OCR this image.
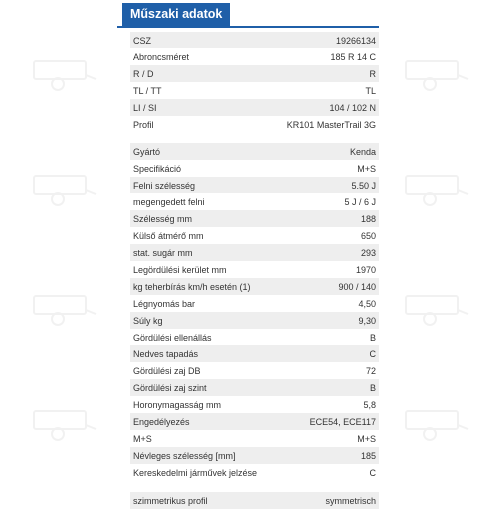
Műszaki adatok
CSZ	19266134
Abroncsméret	185 R 14 C
R / D	R
TL / TT	TL
LI / SI	104 / 102 N
Profil	KR101 MasterTrail 3G
Gyártó	Kenda
Specifikáció	M+S
Felni szélesség	5.50 J
megengedett felni	5 J / 6 J
Szélesség mm	188
Külső átmérő mm	650
stat. sugár mm	293
Legördülési kerület mm	1970
kg teherbírás km/h esetén (1)	900 / 140
Légnyomás bar	4,50
Súly kg	9,30
Gördülési ellenállás	B
Nedves tapadás	C
Gördülési zaj DB	72
Gördülési zaj szint	B
Horonymagasság mm	5,8
Engedélyezés	ECE54, ECE117
M+S	M+S
Névleges szélesség [mm]	185
Kereskedelmi járművek jelzése	C
szimmetrikus profil	symmetrisch
